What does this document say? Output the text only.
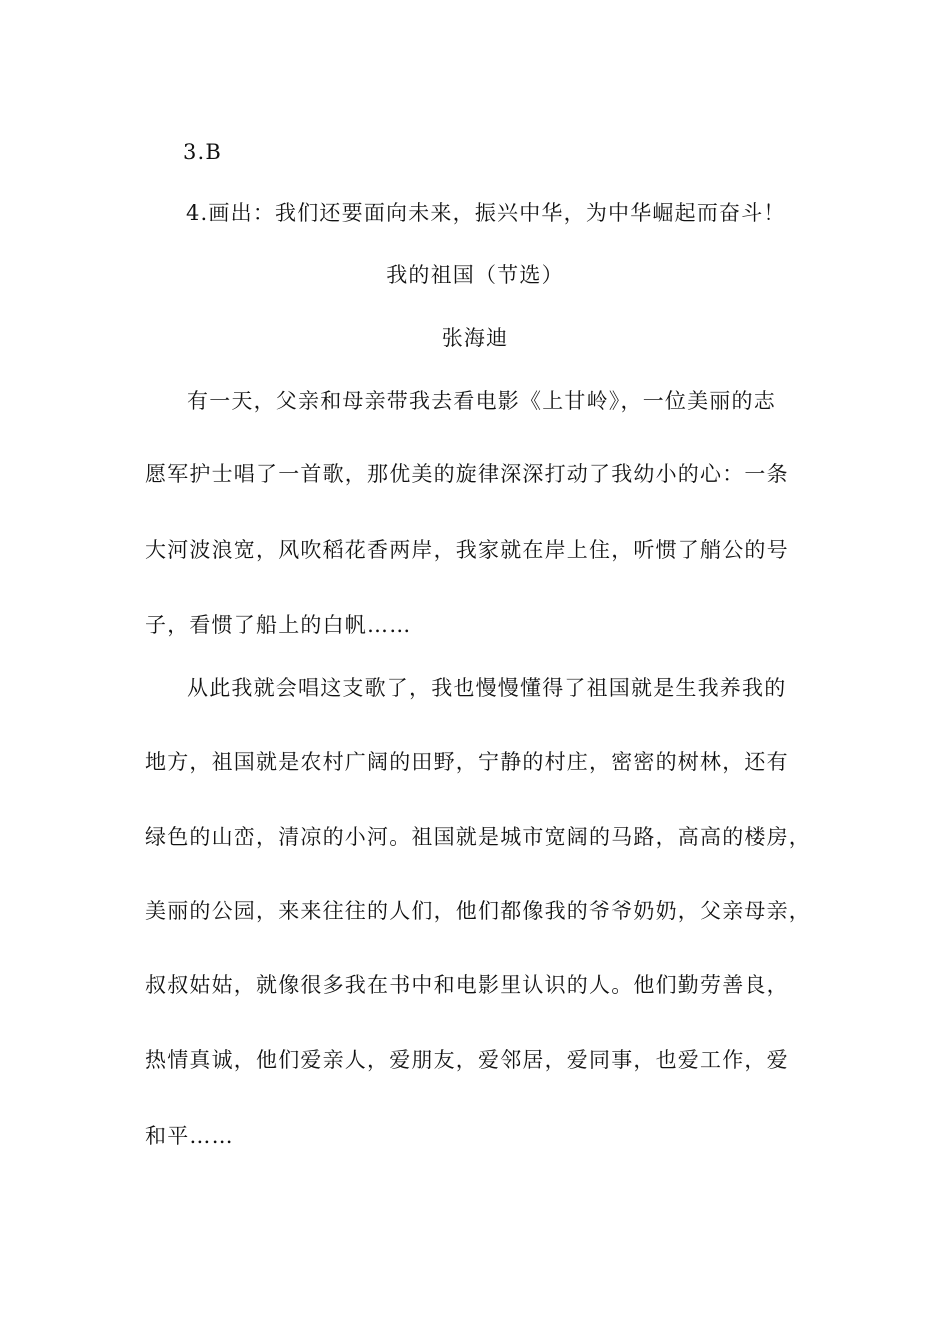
3.B
4.画出：我们还要面向未来，振兴中华，为中华崛起而奋斗！
我的祖国（节选）
张海迪
有一天，父亲和母亲带我去看电影《上甘岭》，一位美丽的志
愿军护士唱了一首歌，那优美的旋律深深打动了我幼小的心：一条
大河波浪宽，风吹稻花香两岸，我家就在岸上住，听惯了艄公的号
子，看惯了船上的白帆……
从此我就会唱这支歌了，我也慢慢懂得了祖国就是生我养我的
地方，祖国就是农村广阔的田野，宁静的村庄，密密的树林，还有
绿色的山峦，清凉的小河。祖国就是城市宽阔的马路，高高的楼房，
美丽的公园，来来往往的人们，他们都像我的爷爷奶奶，父亲母亲，
叔叔姑姑，就像很多我在书中和电影里认识的人。他们勤劳善良，
热情真诚，他们爱亲人，爱朋友，爱邻居，爱同事，也爱工作，爱
和平……
